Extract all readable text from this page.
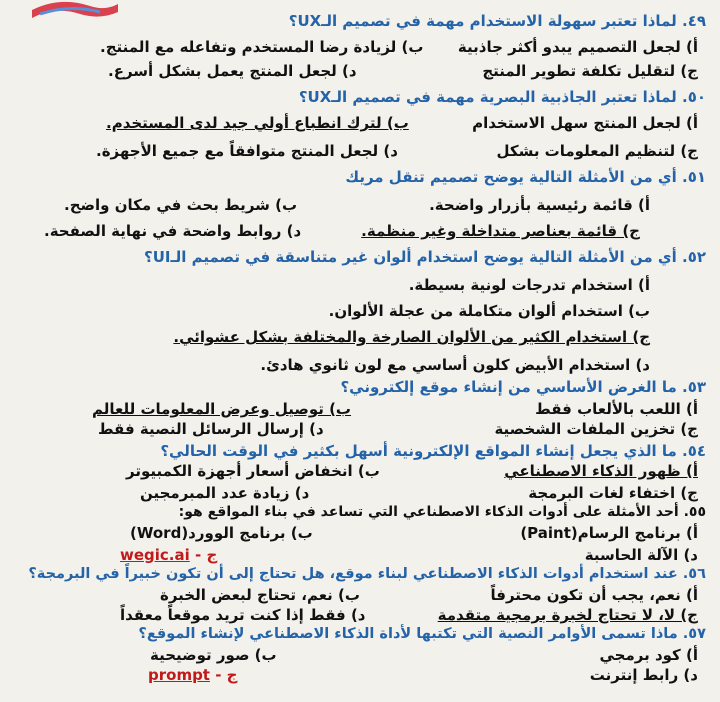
٤٩. لماذا تعتبر سهولة الاستخدام مهمة في تصميم الـUX؟
أ) لجعل التصميم يبدو أكثر جاذبية
ب) لزيادة رضا المستخدم وتفاعله مع المنتج.
ج) لتقليل تكلفة تطوير المنتج
د) لجعل المنتج يعمل بشكل أسرع.
٥٠. لماذا تعتبر الجاذبية البصرية مهمة في تصميم الـUX؟
أ) لجعل المنتج سهل الاستخدام
ب) لترك انطباع أولي جيد لدى المستخدم.
ج) لتنظيم المعلومات بشكل
د) لجعل المنتج متوافقاً مع جميع الأجهزة.
٥١. أي من الأمثلة التالية يوضح تصميم تنقل مريك
أ) قائمة رئيسية بأزرار واضحة.
ب) شريط بحث في مكان واضح.
ج) قائمة بعناصر متداخلة وغير منظمة.
د) روابط واضحة في نهاية الصفحة.
٥٢. أي من الأمثلة التالية يوضح استخدام ألوان غير متناسقة في تصميم الـUI؟
أ) استخدام تدرجات لونية بسيطة.
ب) استخدام ألوان متكاملة من عجلة الألوان.
ج) استخدام الكثير من الألوان الصارخة والمختلفة بشكل عشوائي.
د) استخدام الأبيض كلون أساسي مع لون ثانوي هادئ.
٥٣. ما الغرض الأساسي من إنشاء موقع إلكتروني؟
أ) اللعب بالألعاب فقط
ب) توصيل وعرض المعلومات للعالم
ج) تخزين الملفات الشخصية
د) إرسال الرسائل النصية فقط
٥٤. ما الذي يجعل إنشاء المواقع الإلكترونية أسهل بكثير في الوقت الحالي؟
أ) ظهور الذكاء الاصطناعي
ب) انخفاض أسعار أجهزة الكمبيوتر
ج) اختفاء لغات البرمجة
د) زيادة عدد المبرمجين
٥٥. أحد الأمثلة على أدوات الذكاء الاصطناعي التي تساعد في بناء المواقع هو:
أ) برنامج الرسام(Paint)
ب) برنامج الوورد(Word)
د) الآلة الحاسبة
ج - wegic.ai
٥٦. عند استخدام أدوات الذكاء الاصطناعي لبناء موقع، هل تحتاج إلى أن تكون خبيراً في البرمجة؟
أ) نعم، يجب أن تكون محترفاً
ب) نعم، تحتاج لبعض الخبرة
ج) لا، لا تحتاج لخبرة برمجية متقدمة
د) فقط إذا كنت تريد موقعاً معقداً
٥٧. ماذا تسمى الأوامر النصية التي تكتبها لأداة الذكاء الاصطناعي لإنشاء الموقع؟
أ) كود برمجي
ب) صور توضيحية
د) رابط إنترنت
ج - prompt
